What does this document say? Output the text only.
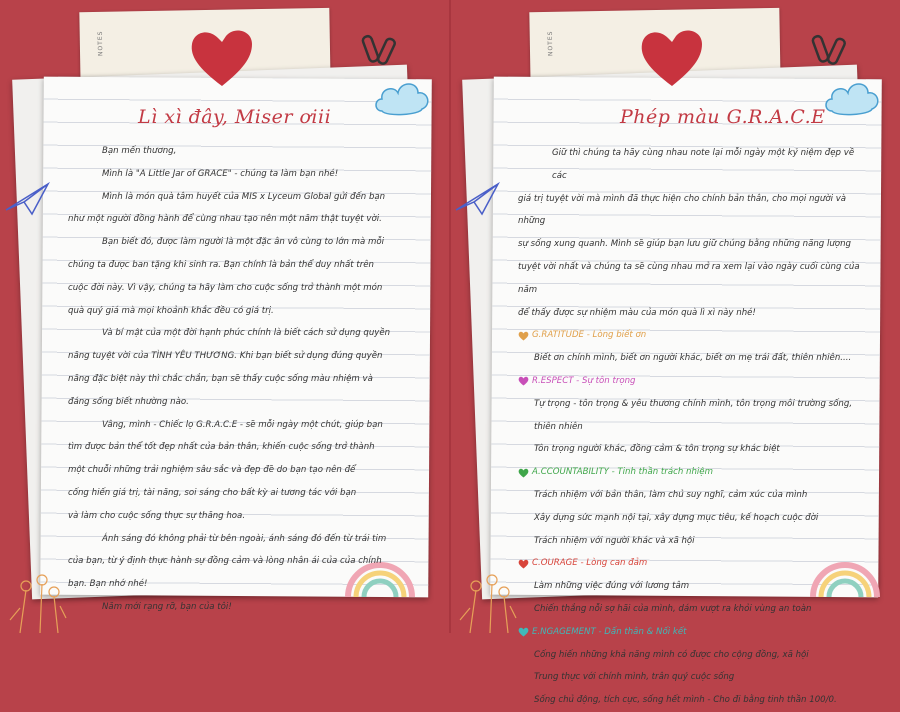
NOTES
Lì xì đây, Miser ơiii

Bạn mến thương,

Mình là "A Little Jar of GRACE" - chúng ta làm bạn nhé!

Mình là món quà tâm huyết của MIS x Lyceum Global gửi đến bạn

như một người đồng hành để cùng nhau tạo nên một năm thật tuyệt vời.

Bạn biết đó, được làm người là một đặc ân vô cùng to lớn mà mỗi

chúng ta được ban tặng khi sinh ra. Bạn chính là bản thể duy nhất trên

cuộc đời này. Vì vậy, chúng ta hãy làm cho cuộc sống trở thành một món

quà quý giá mà mọi khoảnh khắc đều có giá trị.

Và bí mật của một đời hạnh phúc chính là biết cách sử dụng quyền

năng tuyệt vời của TÌNH YÊU THƯƠNG. Khi bạn biết sử dụng đúng quyền

năng đặc biệt này thì chắc chắn, bạn sẽ thấy cuộc sống màu nhiệm và

đáng sống biết nhường nào.

Vâng, mình - Chiếc lọ G.R.A.C.E - sẽ mỗi ngày một chút, giúp bạn

tìm được bản thể tốt đẹp nhất của bản thân, khiến cuộc sống trở thành

một chuỗi những trải nghiệm sâu sắc và đẹp đẽ do bạn tạo nên để

cống hiến giá trị, tài năng, soi sáng cho bất kỳ ai tương tác với bạn

và làm cho cuộc sống thực sự thăng hoa.

Ánh sáng đó không phải từ bên ngoài, ánh sáng đó đến từ trái tim

của bạn, từ ý định thực hành sự đồng cảm và lòng nhân ái của của chính

bạn. Bạn nhớ nhé!

Năm mới rạng rỡ, bạn của tôi!

NOTES
Phép màu G.R.A.C.E

Giữ thì chúng ta hãy cùng nhau note lại mỗi ngày một kỷ niệm đẹp về các

giá trị tuyệt vời mà mình đã thực hiện cho chính bản thân, cho mọi người và những

sự sống xung quanh. Mình sẽ giúp bạn lưu giữ chúng bằng những năng lượng

tuyệt vời nhất và chúng ta sẽ cùng nhau mở ra xem lại vào ngày cuối cùng của năm

để thấy được sự nhiệm màu của món quà lì xì này nhé!

G.RATITUDE - Lòng biết ơn

Biết ơn chính mình, biết ơn người khác, biết ơn mẹ trái đất, thiên nhiên....

R.ESPECT - Sự tôn trọng

Tự trọng - tôn trọng & yêu thương chính mình, tôn trọng môi trường sống, thiên nhiên

Tôn trọng người khác, đồng cảm & tôn trọng sự khác biệt

A.CCOUNTABILITY - Tinh thần trách nhiệm

Trách nhiệm với bản thân, làm chủ suy nghĩ, cảm xúc của mình

Xây dựng sức mạnh nội tại, xây dựng mục tiêu, kế hoạch cuộc đời

Trách nhiệm với người khác và xã hội

C.OURAGE - Lòng can đảm

Làm những việc đúng với lương tâm

Chiến thắng nỗi sợ hãi của mình, dám vượt ra khỏi vùng an toàn

E.NGAGEMENT - Dấn thân & Nối kết

Cống hiến những khả năng mình có được cho cộng đồng, xã hội

Trung thực với chính mình, trân quý cuộc sống

Sống chủ động, tích cực, sống hết mình - Cho đi bằng tinh thần 100/0.
